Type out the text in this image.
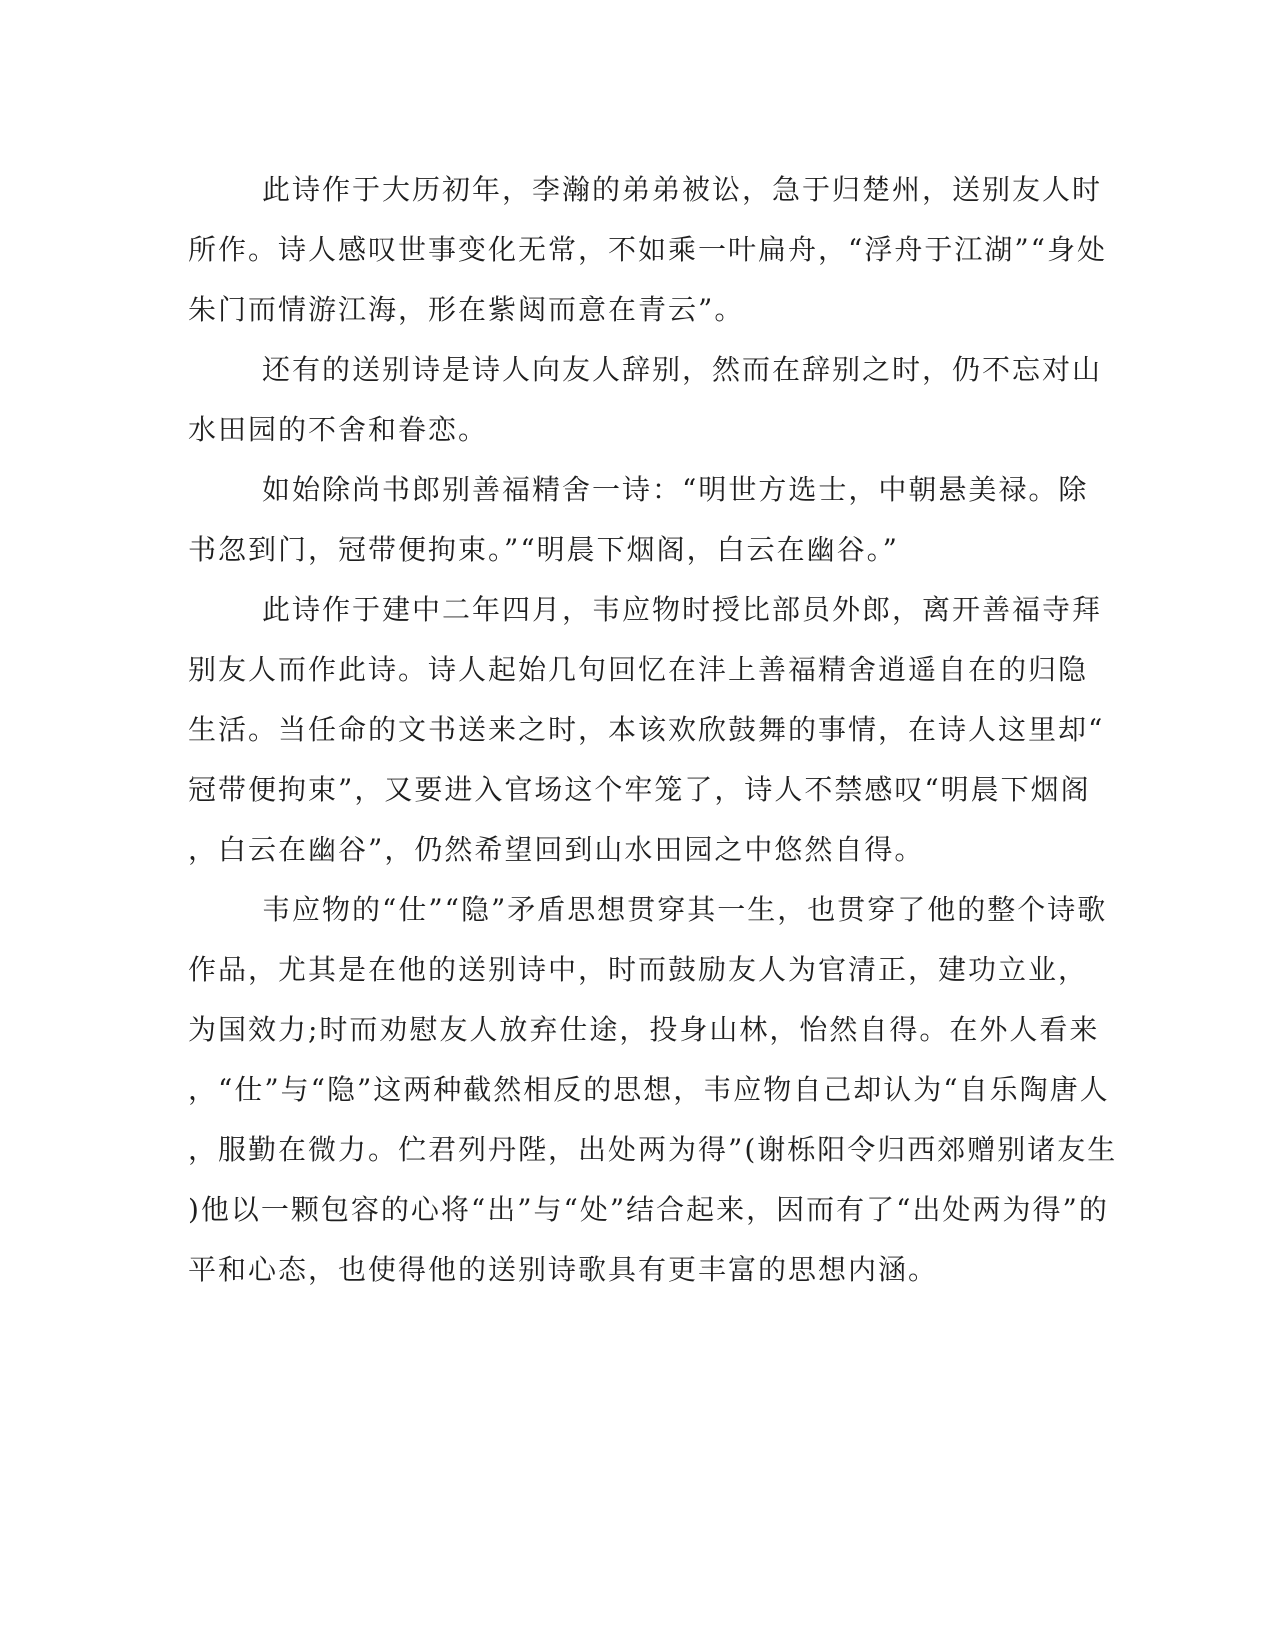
此诗作于大历初年，李瀚的弟弟被讼，急于归楚州，送别友人时
所作。诗人感叹世事变化无常，不如乘一叶扁舟，“浮舟于江湖”“身处
朱门而情游江海，形在紫闼而意在青云”。
还有的送别诗是诗人向友人辞别，然而在辞别之时，仍不忘对山
水田园的不舍和眷恋。
如始除尚书郎别善福精舍一诗：“明世方选士，中朝悬美禄。除
书忽到门，冠带便拘束。”“明晨下烟阁，白云在幽谷。”
此诗作于建中二年四月，韦应物时授比部员外郎，离开善福寺拜
别友人而作此诗。诗人起始几句回忆在沣上善福精舍逍遥自在的归隐
生活。当任命的文书送来之时，本该欢欣鼓舞的事情，在诗人这里却“
冠带便拘束”，又要进入官场这个牢笼了，诗人不禁感叹“明晨下烟阁
，白云在幽谷”，仍然希望回到山水田园之中悠然自得。
韦应物的“仕”“隐”矛盾思想贯穿其一生，也贯穿了他的整个诗歌
作品，尤其是在他的送别诗中，时而鼓励友人为官清正，建功立业，
为国效力;时而劝慰友人放弃仕途，投身山林，怡然自得。在外人看来
，“仕”与“隐”这两种截然相反的思想，韦应物自己却认为“自乐陶唐人
，服勤在微力。伫君列丹陛，出处两为得”(谢栎阳令归西郊赠别诸友生
)他以一颗包容的心将“出”与“处”结合起来，因而有了“出处两为得”的
平和心态，也使得他的送别诗歌具有更丰富的思想内涵。
